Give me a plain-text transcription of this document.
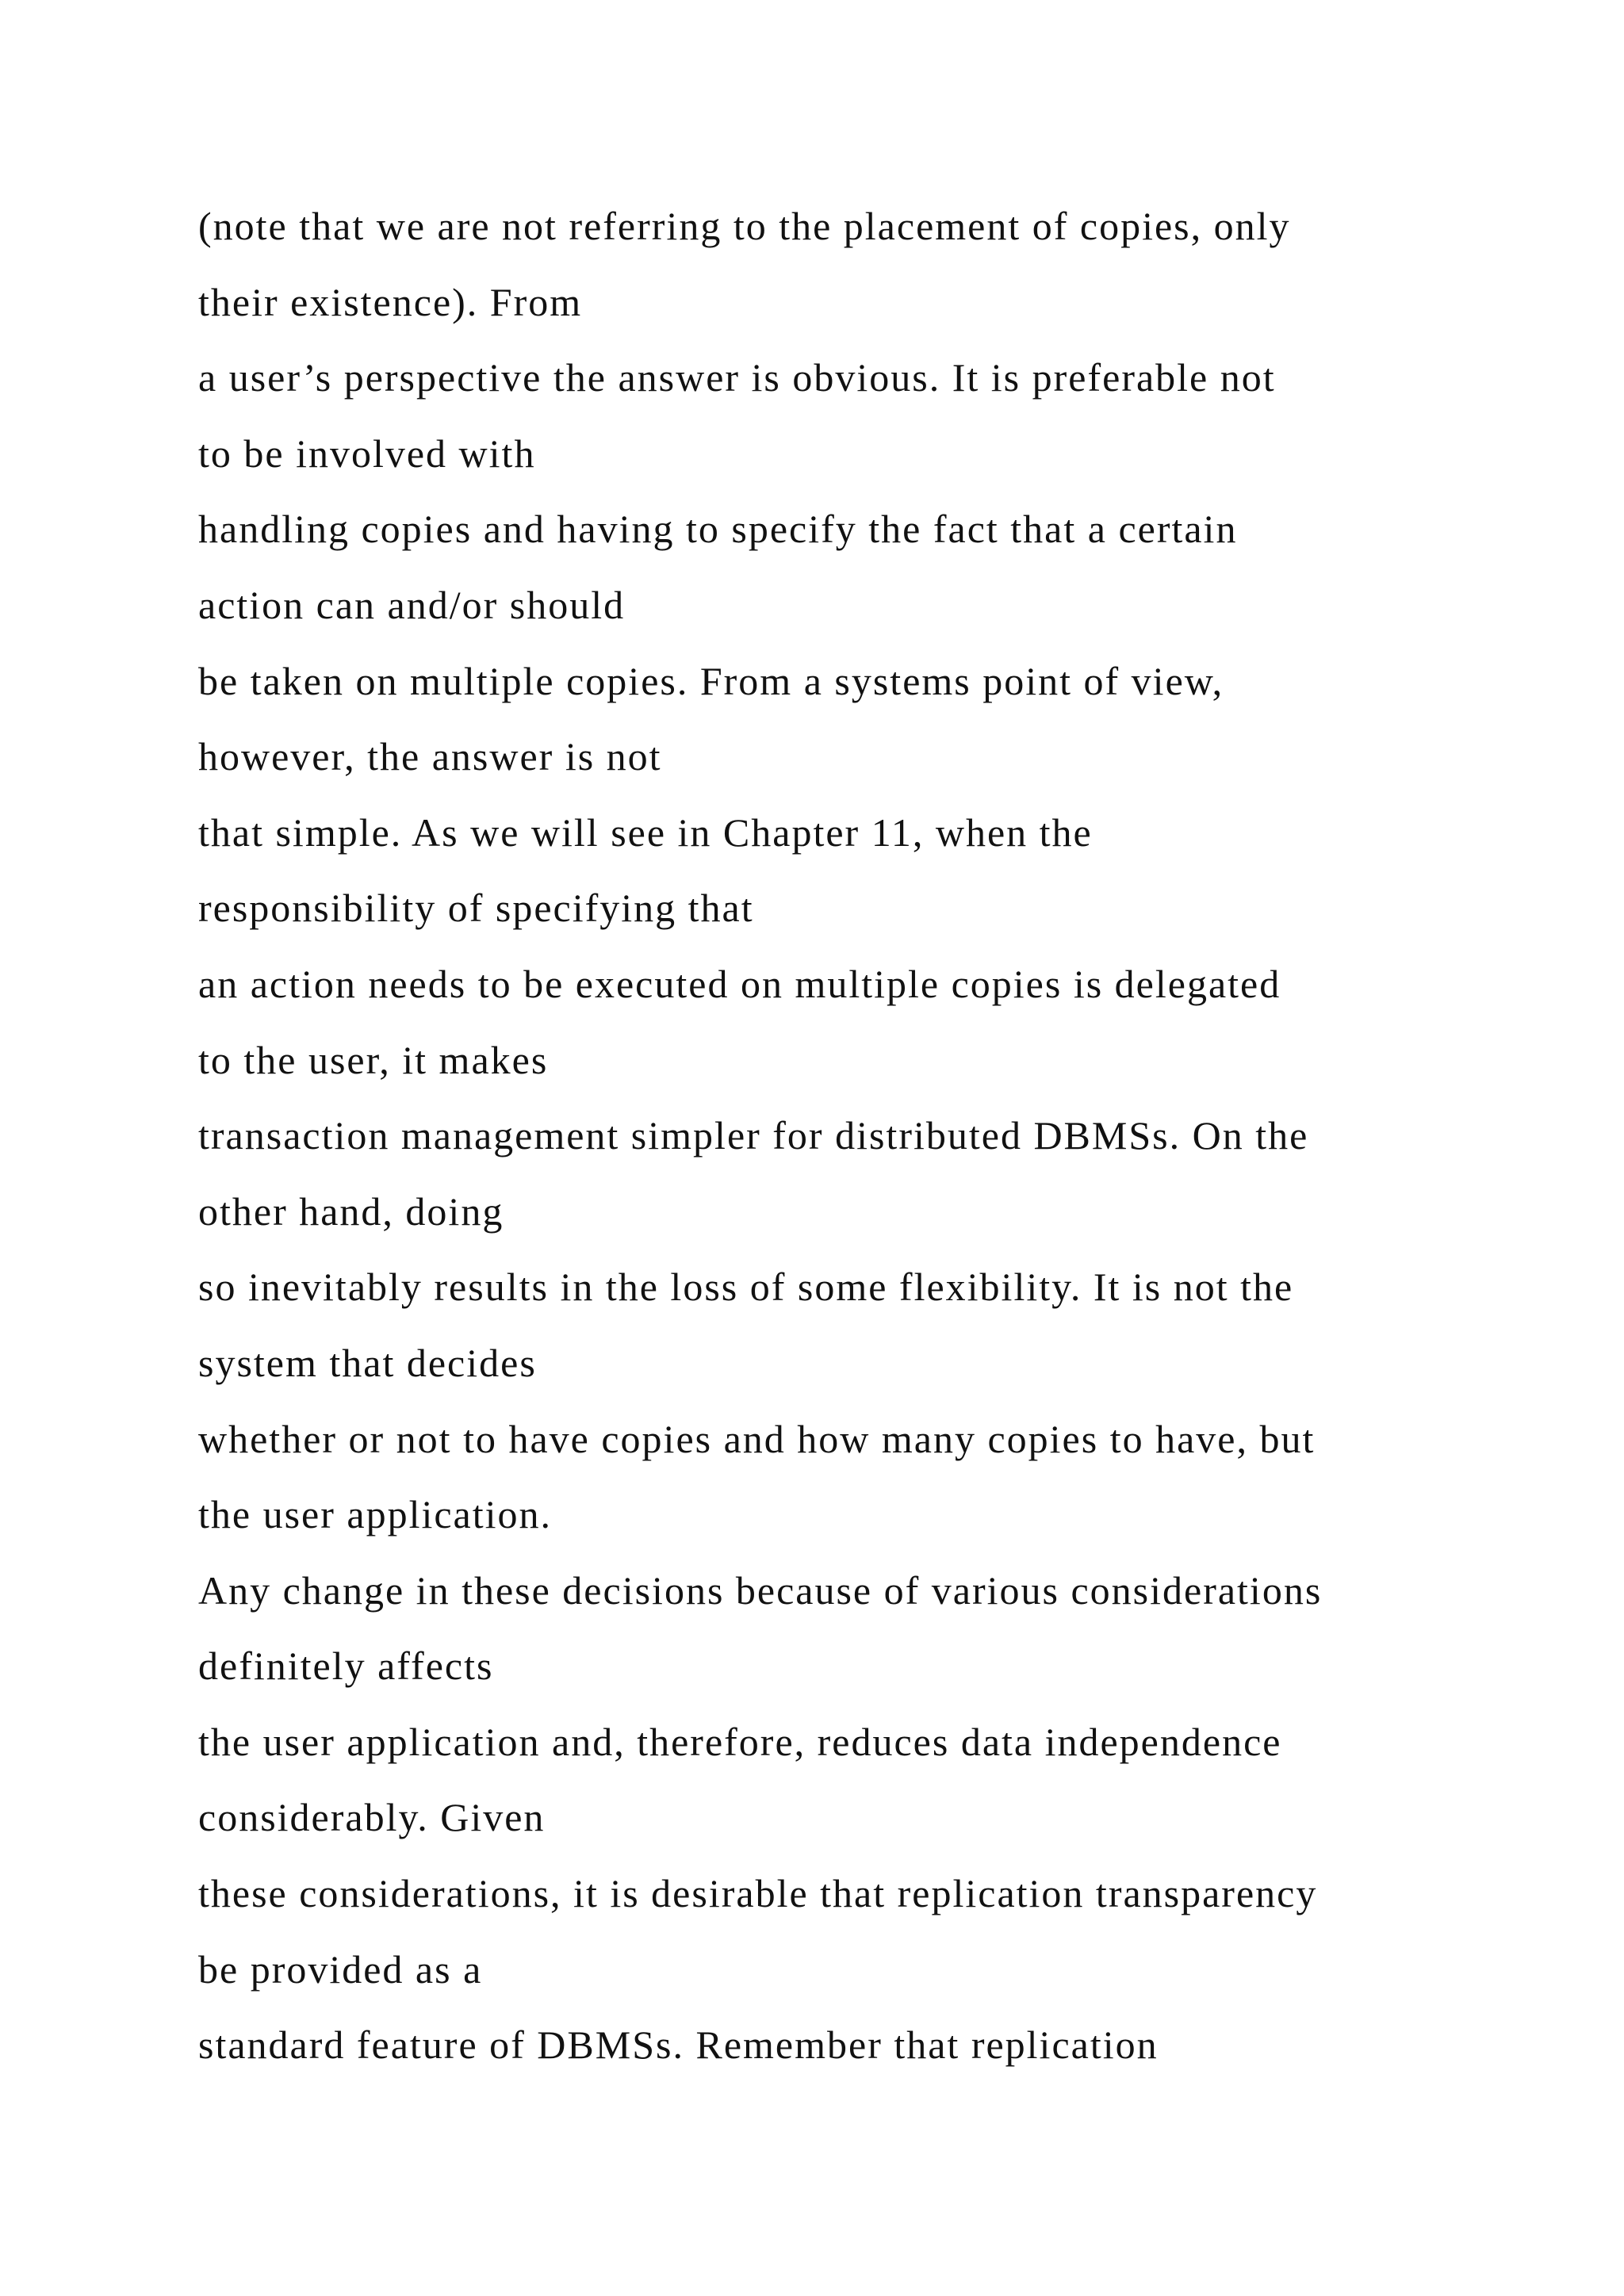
(note that we are not referring to the placement of copies, only
their existence). From
a user’s perspective the answer is obvious. It is preferable not
to be involved with
handling copies and having to specify the fact that a certain
action can and/or should
be taken on multiple copies. From a systems point of view,
however, the answer is not
that simple. As we will see in Chapter 11, when the
responsibility of specifying that
an action needs to be executed on multiple copies is delegated
to the user, it makes
transaction management simpler for distributed DBMSs. On the
other hand, doing
so inevitably results in the loss of some flexibility. It is not the
system that decides
whether or not to have copies and how many copies to have, but
the user application.
Any change in these decisions because of various considerations
definitely affects
the user application and, therefore, reduces data independence
considerably. Given
these considerations, it is desirable that replication transparency
be provided as a
standard feature of DBMSs. Remember that replication
